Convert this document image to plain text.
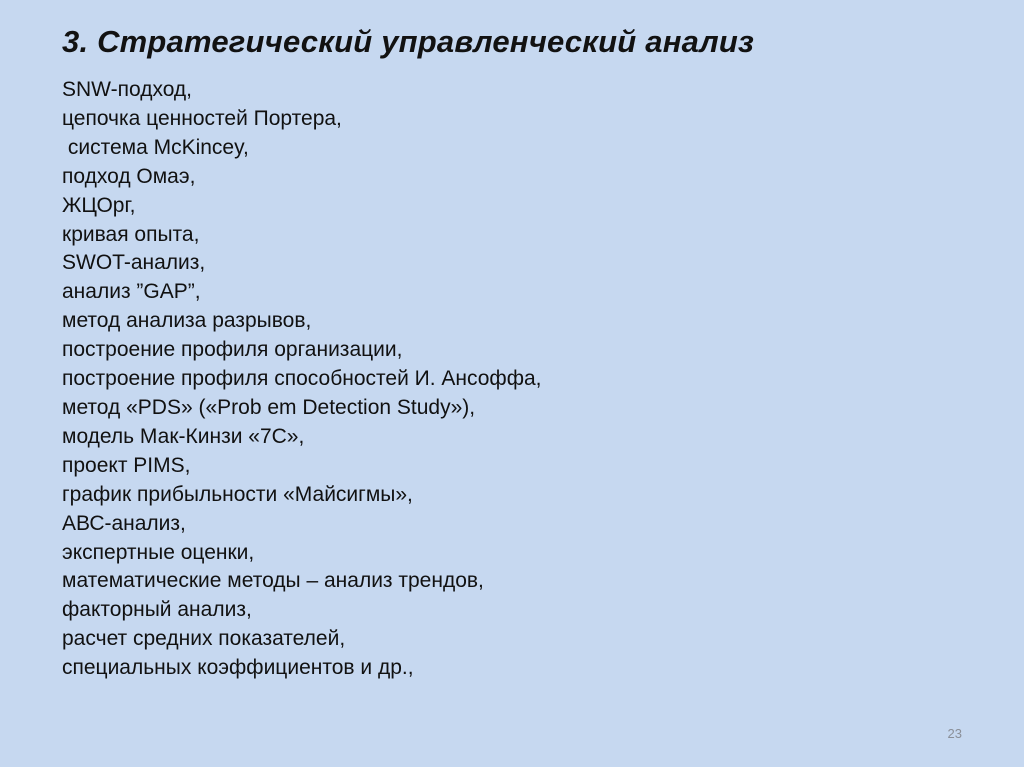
3. Стратегический управленческий анализ
SNW-подход,
цепочка ценностей Портера,
система McKincey,
подход Омаэ,
ЖЦОрг,
кривая опыта,
SWOT-анализ,
анализ ”GAP”,
метод анализа разрывов,
построение профиля организации,
построение профиля способностей И. Ансоффа,
метод «PDS» («Prob em Detection Study»),
модель Мак-Кинзи «7С»,
проект PIMS,
график прибыльности «Майсигмы»,
АВС-анализ,
экспертные оценки,
математические методы – анализ трендов,
факторный анализ,
расчет средних показателей,
специальных коэффициентов и др.,
23
